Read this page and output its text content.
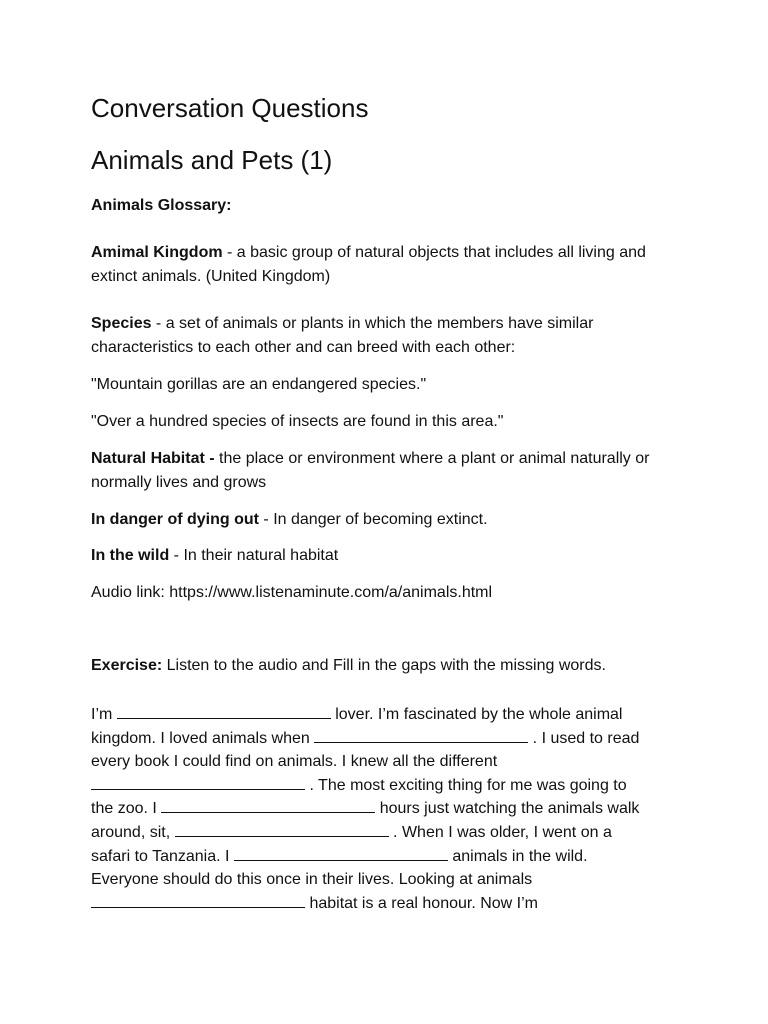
Conversation Questions
Animals and Pets (1)

Animals Glossary:

Amimal Kingdom - a basic group of natural objects that includes all living and extinct animals. (United Kingdom)

Species - a set of animals or plants in which the members have similar characteristics to each other and can breed with each other:

"Mountain gorillas are an endangered species."

"Over a hundred species of insects are found in this area."

Natural Habitat - the place or environment where a plant or animal naturally or normally lives and grows

In danger of dying out - In danger of becoming extinct.

In the wild - In their natural habitat

Audio link: https://www.listenaminute.com/a/animals.html

Exercise: Listen to the audio and Fill in the gaps with the missing words.

I’m	lover. I’m fascinated by the whole animal
kingdom. I loved animals when	. I used to read
every book I could find on animals. I knew all the different
. The most exciting thing for me was going to
the zoo. I	hours just watching the animals walk
around, sit,	. When I was older, I went on a
safari to Tanzania. I	animals in the wild.
Everyone should do this once in their lives. Looking at animals
habitat is a real honour. Now I’m
